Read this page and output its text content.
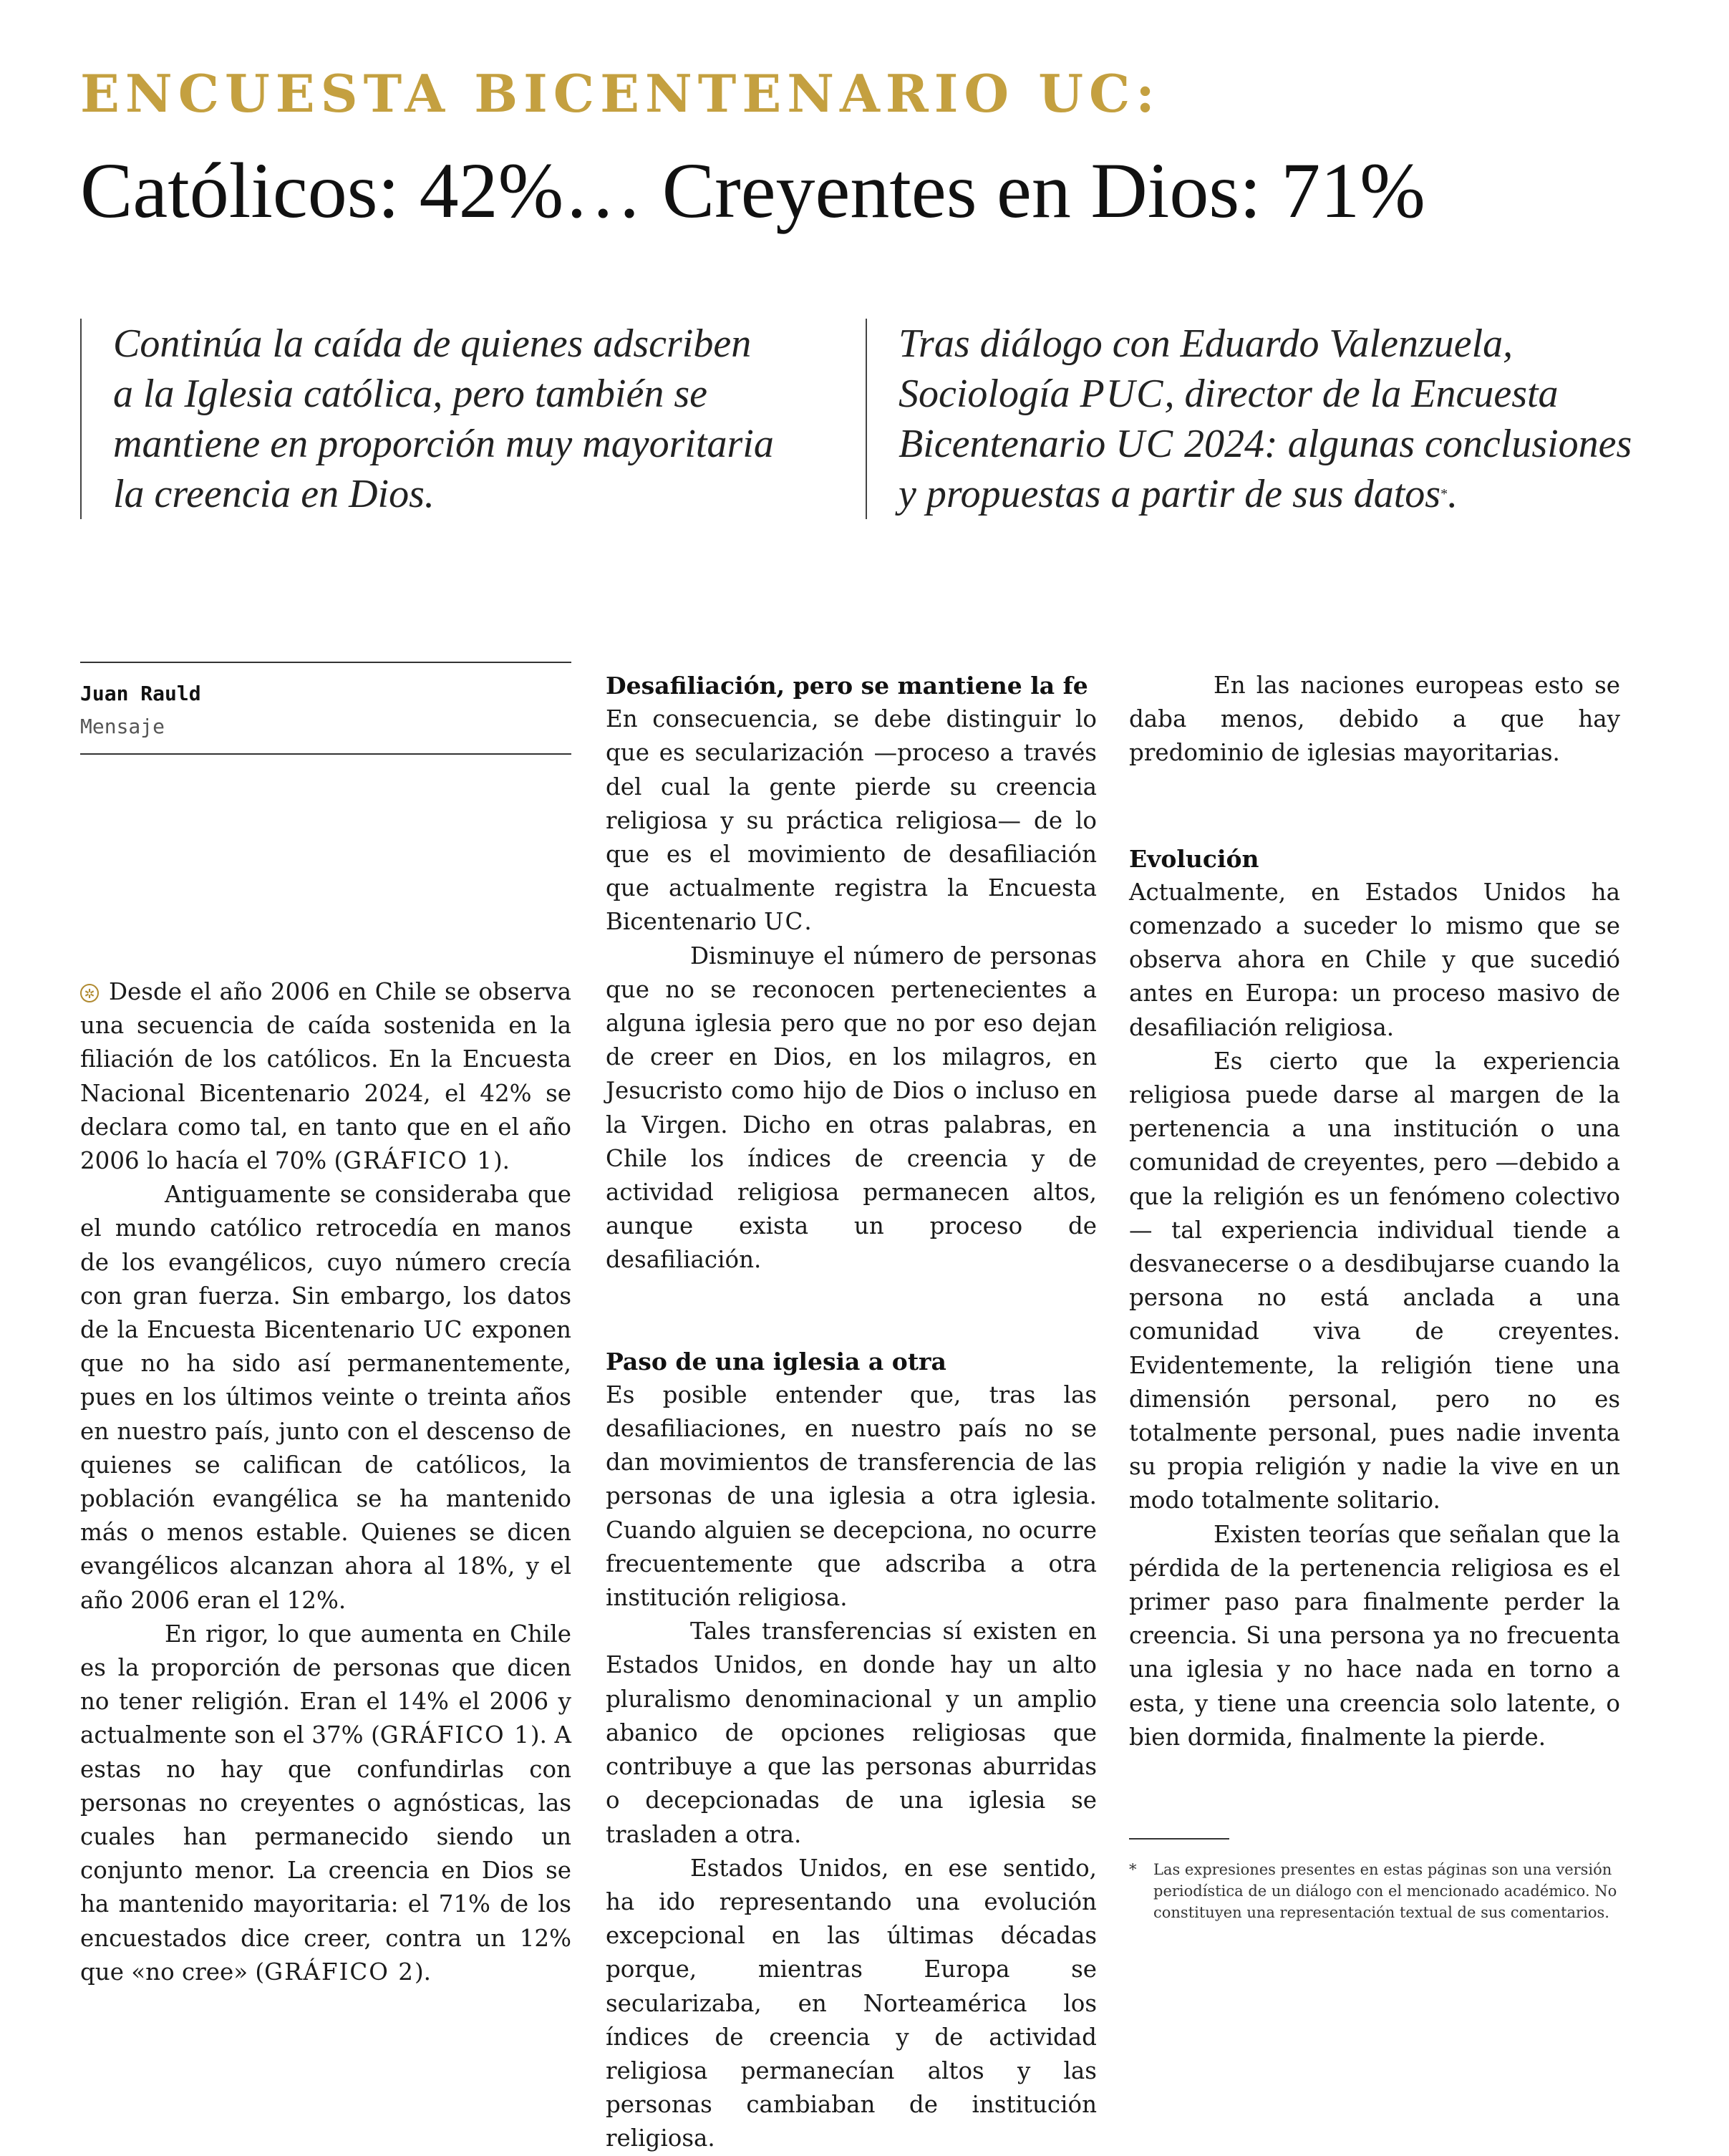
ENCUESTA BICENTENARIO UC:
Católicos: 42%… Creyentes en Dios: 71%

Continúa la caída de quienes adscriben

a la Iglesia católica, pero también se

mantiene en proporción muy mayoritaria

la creencia en Dios.

Tras diálogo con Eduardo Valenzuela,

Sociología PUC, director de la Encuesta

Bicentenario UC 2024: algunas conclusiones

y propuestas a partir de sus datos*.

Juan Rauld
Mensaje

✲ Desde el año 2006 en Chile se observa una secuencia de caída sostenida en la filiación de los católicos. En la Encuesta Nacional Bicentenario 2024, el 42% se declara como tal, en tanto que en el año 2006 lo hacía el 70% (GRÁFICO 1).

Antiguamente se consideraba que el mundo católico retrocedía en manos de los evangélicos, cuyo número crecía con gran fuerza. Sin embargo, los datos de la Encuesta Bicentenario UC exponen que no ha sido así permanentemente, pues en los últimos veinte o treinta años en nuestro país, junto con el descenso de quienes se califican de católicos, la población evangélica se ha mantenido más o menos estable. Quienes se dicen evangélicos alcanzan ahora al 18%, y el año 2006 eran el 12%.

En rigor, lo que aumenta en Chile es la proporción de personas que dicen no tener religión. Eran el 14% el 2006 y actualmente son el 37% (GRÁFICO 1). A estas no hay que confundirlas con personas no creyentes o agnósticas, las cuales han permanecido siendo un conjunto menor. La creencia en Dios se ha mantenido mayoritaria: el 71% de los encuestados dice creer, contra un 12% que «no cree» (GRÁFICO 2).

Desafiliación, pero se mantiene la fe

En consecuencia, se debe distinguir lo que es secularización —proceso a través del cual la gente pierde su creencia religiosa y su práctica religiosa— de lo que es el movimiento de desafiliación que actualmente registra la Encuesta Bicentenario UC.

Disminuye el número de personas que no se reconocen pertenecientes a alguna iglesia pero que no por eso dejan de creer en Dios, en los milagros, en Jesucristo como hijo de Dios o incluso en la Virgen. Dicho en otras palabras, en Chile los índices de creencia y de actividad religiosa permanecen altos, aunque exista un proceso de desafiliación.

Paso de una iglesia a otra

Es posible entender que, tras las desafiliaciones, en nuestro país no se dan movimientos de transferencia de las personas de una iglesia a otra iglesia. Cuando alguien se decepciona, no ocurre frecuentemente que adscriba a otra institución religiosa.

Tales transferencias sí existen en Estados Unidos, en donde hay un alto pluralismo denominacional y un amplio abanico de opciones religiosas que contribuye a que las personas aburridas o decepcionadas de una iglesia se trasladen a otra.

Estados Unidos, en ese sentido, ha ido representando una evolución excepcional en las últimas décadas porque, mientras Europa se secularizaba, en Norteamérica los índices de creencia y de actividad religiosa permanecían altos y las personas cambiaban de institución religiosa.

En las naciones europeas esto se daba menos, debido a que hay predominio de iglesias mayoritarias.

Evolución

Actualmente, en Estados Unidos ha comenzado a suceder lo mismo que se observa ahora en Chile y que sucedió antes en Europa: un proceso masivo de desafiliación religiosa.

Es cierto que la experiencia religiosa puede darse al margen de la pertenencia a una institución o una comunidad de creyentes, pero —debido a que la religión es un fenómeno colectivo— tal experiencia individual tiende a desvanecerse o a desdibujarse cuando la persona no está anclada a una comunidad viva de creyentes. Evidentemente, la religión tiene una dimensión personal, pero no es totalmente personal, pues nadie inventa su propia religión y nadie la vive en un modo totalmente solitario.

Existen teorías que señalan que la pérdida de la pertenencia religiosa es el primer paso para finalmente perder la creencia. Si una persona ya no frecuenta una iglesia y no hace nada en torno a esta, y tiene una creencia solo latente, o bien dormida, finalmente la pierde.

* Las expresiones presentes en estas páginas son una versión periodística de un diálogo con el mencionado académico. No constituyen una representación textual de sus comentarios.
